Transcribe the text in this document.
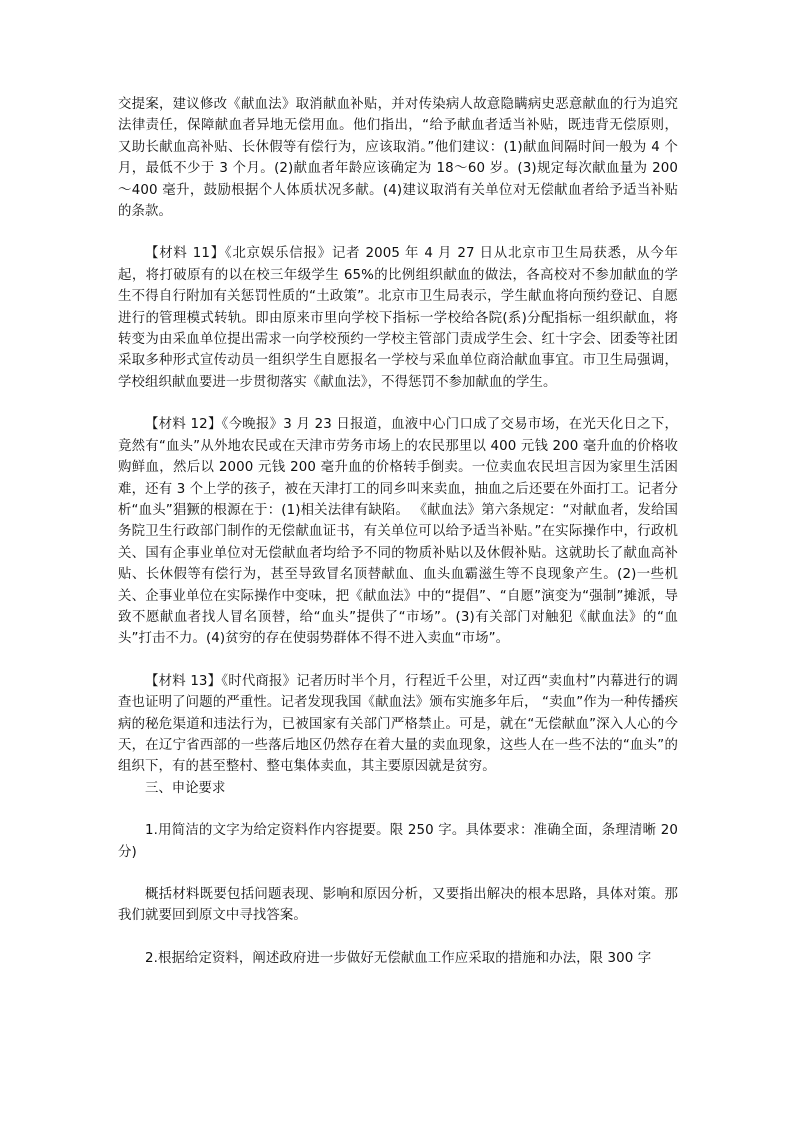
交提案，建议修改《献血法》取消献血补贴，并对传染病人故意隐瞒病史恶意献血的行为追究法律责任，保障献血者异地无偿用血。他们指出，“给予献血者适当补贴，既违背无偿原则，又助长献血高补贴、长休假等有偿行为，应该取消。”他们建议：(1)献血间隔时间一般为 4 个月，最低不少于 3 个月。(2)献血者年龄应该确定为 18～60 岁。(3)规定每次献血量为 200～400 毫升，鼓励根据个人体质状况多献。(4)建议取消有关单位对无偿献血者给予适当补贴的条款。

【材料 11】《北京娱乐信报》记者 2005 年 4 月 27 日从北京市卫生局获悉，从今年起，将打破原有的以在校三年级学生 65%的比例组织献血的做法，各高校对不参加献血的学生不得自行附加有关惩罚性质的“土政策”。北京市卫生局表示，学生献血将向预约登记、自愿进行的管理模式转轨。即由原来市里向学校下指标一学校给各院(系)分配指标一组织献血，将转变为由采血单位提出需求一向学校预约一学校主管部门责成学生会、红十字会、团委等社团采取多种形式宣传动员一组织学生自愿报名一学校与采血单位商洽献血事宜。市卫生局强调，学校组织献血要进一步贯彻落实《献血法》，不得惩罚不参加献血的学生。

【材料 12】《今晚报》3 月 23 日报道，血液中心门口成了交易市场，在光天化日之下，竟然有“血头”从外地农民或在天津市劳务市场上的农民那里以 400 元钱 200 毫升血的价格收购鲜血，然后以 2000 元钱 200 毫升血的价格转手倒卖。一位卖血农民坦言因为家里生活困难，还有 3 个上学的孩子，被在天津打工的同乡叫来卖血，抽血之后还要在外面打工。记者分析“血头”猖獗的根源在于：(1)相关法律有缺陷。 《献血法》第六条规定：“对献血者，发给国务院卫生行政部门制作的无偿献血证书，有关单位可以给予适当补贴。”在实际操作中，行政机关、国有企事业单位对无偿献血者均给予不同的物质补贴以及休假补贴。这就助长了献血高补贴、长休假等有偿行为，甚至导致冒名顶替献血、血头血霸滋生等不良现象产生。(2)一些机关、企事业单位在实际操作中变味，把《献血法》中的“提倡”、“自愿”演变为“强制”摊派，导致不愿献血者找人冒名顶替，给“血头”提供了“市场”。(3)有关部门对触犯《献血法》的“血头”打击不力。(4)贫穷的存在使弱势群体不得不进入卖血“市场”。

【材料 13】《时代商报》记者历时半个月，行程近千公里，对辽西“卖血村”内幕进行的调查也证明了问题的严重性。记者发现我国《献血法》颁布实施多年后， “卖血”作为一种传播疾病的秘危渠道和违法行为，已被国家有关部门严格禁止。可是，就在“无偿献血”深入人心的今天，在辽宁省西部的一些落后地区仍然存在着大量的卖血现象，这些人在一些不法的“血头”的组织下，有的甚至整村、整屯集体卖血，其主要原因就是贫穷。

三、申论要求

1.用简洁的文字为给定资料作内容提要。限 250 字。具体要求：准确全面，条理清晰 20 分)

概括材料既要包括问题表现、影响和原因分析，又要指出解决的根本思路，具体对策。那我们就要回到原文中寻找答案。

2.根据给定资料，阐述政府进一步做好无偿献血工作应采取的措施和办法，限 300 字
